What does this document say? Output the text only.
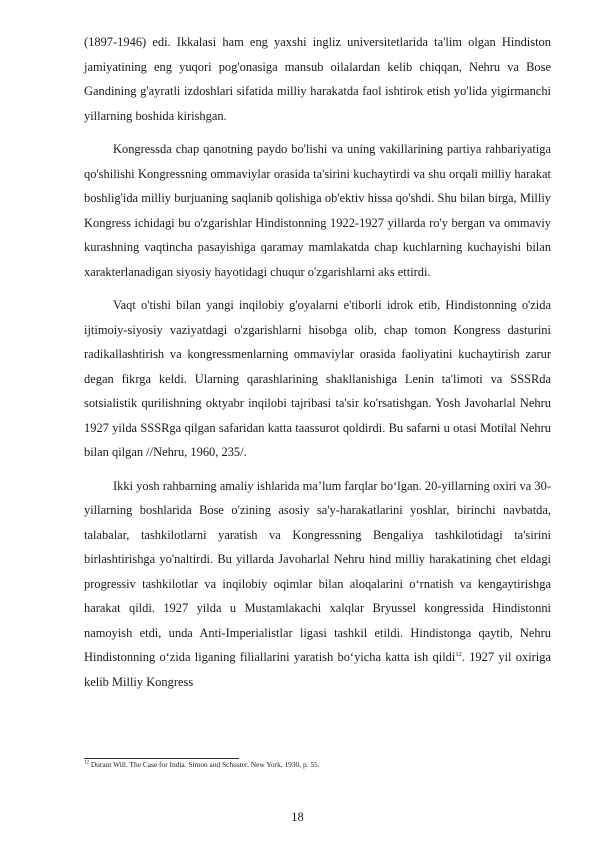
(1897-1946) edi. Ikkalasi ham eng yaxshi ingliz universitetlarida ta'lim olgan Hindiston jamiyatining eng yuqori pog'onasiga mansub oilalardan kelib chiqqan, Nehru va Bose Gandining g'ayratli izdoshlari sifatida milliy harakatda faol ishtirok etish yo'lida yigirmanchi yillarning boshida kirishgan.

Kongressda chap qanotning paydo bo'lishi va uning vakillarining partiya rahbariyatiga qo'shilishi Kongressning ommaviylar orasida ta'sirini kuchaytirdi va shu orqali milliy harakat boshlig'ida milliy burjuaning saqlanib qolishiga ob'ektiv hissa qo'shdi. Shu bilan birga, Milliy Kongress ichidagi bu o'zgarishlar Hindistonning 1922-1927 yillarda ro'y bergan va ommaviy kurashning vaqtincha pasayishiga qaramay mamlakatda chap kuchlarning kuchayishi bilan xarakterlanadigan siyosiy hayotidagi chuqur o'zgarishlarni aks ettirdi.

Vaqt o'tishi bilan yangi inqilobiy g'oyalarni e'tiborli idrok etib, Hindistonning o'zida ijtimoiy-siyosiy vaziyatdagi o'zgarishlarni hisobga olib, chap tomon Kongress dasturini radikallashtirish va kongressmenlarning ommaviylar orasida faoliyatini kuchaytirish zarur degan fikrga keldi. Ularning qarashlarining shakllanishiga Lenin ta'limoti va SSSRda sotsialistik qurilishning oktyabr inqilobi tajribasi ta'sir ko'rsatishgan. Yosh Javoharlal Nehru 1927 yilda SSSRga qilgan safaridan katta taassurot qoldirdi. Bu safarni u otasi Motilal Nehru bilan qilgan //Nehru, 1960, 235/.

Ikki yosh rahbarning amaliy ishlarida maʼlum farqlar boʻlgan. 20-yillarning oxiri va 30-yillarning boshlarida Bose o'zining asosiy sa'y-harakatlarini yoshlar, birinchi navbatda, talabalar, tashkilotlarni yaratish va Kongressning Bengaliya tashkilotidagi ta'sirini birlashtirishga yo'naltirdi. Bu yillarda Javoharlal Nehru hind milliy harakatining chet eldagi progressiv tashkilotlar va inqilobiy oqimlar bilan aloqalarini oʻrnatish va kengaytirishga harakat qildi. 1927 yilda u Mustamlakachi xalqlar Bryussel kongressida Hindistonni namoyish etdi, unda Anti-Imperialistlar ligasi tashkil etildi. Hindistonga qaytib, Nehru Hindistonning oʻzida liganing filiallarini yaratish boʻyicha katta ish qildi$^{12}$. 1927 yil oxiriga kelib Milliy Kongress

$^{12}$ Durant Will. The Case for India. Simon and Schuster. New York, 1930, p. 55.
18
